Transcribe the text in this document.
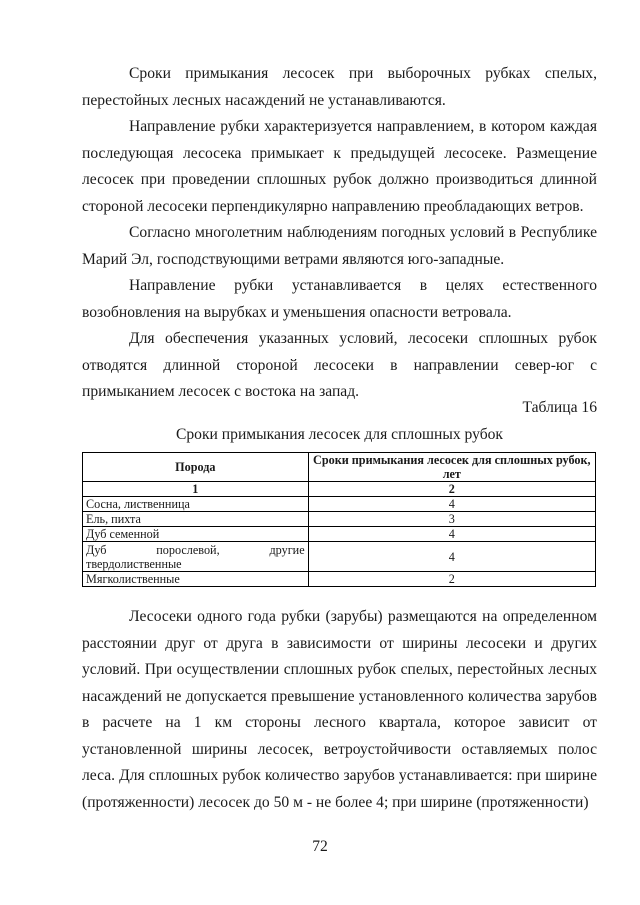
Сроки примыкания лесосек при выборочных рубках спелых, перестойных лесных насаждений не устанавливаются.

Направление рубки характеризуется направлением, в котором каждая последующая лесосека примыкает к предыдущей лесосеке. Размещение лесосек при проведении сплошных рубок должно производиться длинной стороной лесосеки перпендикулярно направлению преобладающих ветров.

Согласно многолетним наблюдениям погодных условий в Республике Марий Эл, господствующими ветрами являются юго-западные.

Направление рубки устанавливается в целях естественного возобновления на вырубках и уменьшения опасности ветровала.

Для обеспечения указанных условий, лесосеки сплошных рубок отводятся длинной стороной лесосеки в направлении север-юг с примыканием лесосек с востока на запад.

Таблица 16
Сроки примыкания лесосек для сплошных рубок
Порода	Сроки примыкания лесосек для сплошных рубок, лет
1	2
Сосна, лиственница	4
Ель, пихта	3
Дуб семенной	4
Дуб порослевой, другие твердолиственные	4
Мягколиственные	2

Лесосеки одного года рубки (зарубы) размещаются на определенном расстоянии друг от друга в зависимости от ширины лесосеки и других условий. При осуществлении сплошных рубок спелых, перестойных лесных насаждений не допускается превышение установленного количества зарубов в расчете на 1 км стороны лесного квартала, которое зависит от установленной ширины лесосек, ветроустойчивости оставляемых полос леса. Для сплошных рубок количество зарубов устанавливается: при ширине (протяженности) лесосек до 50 м - не более 4; при ширине (протяженности)

72
